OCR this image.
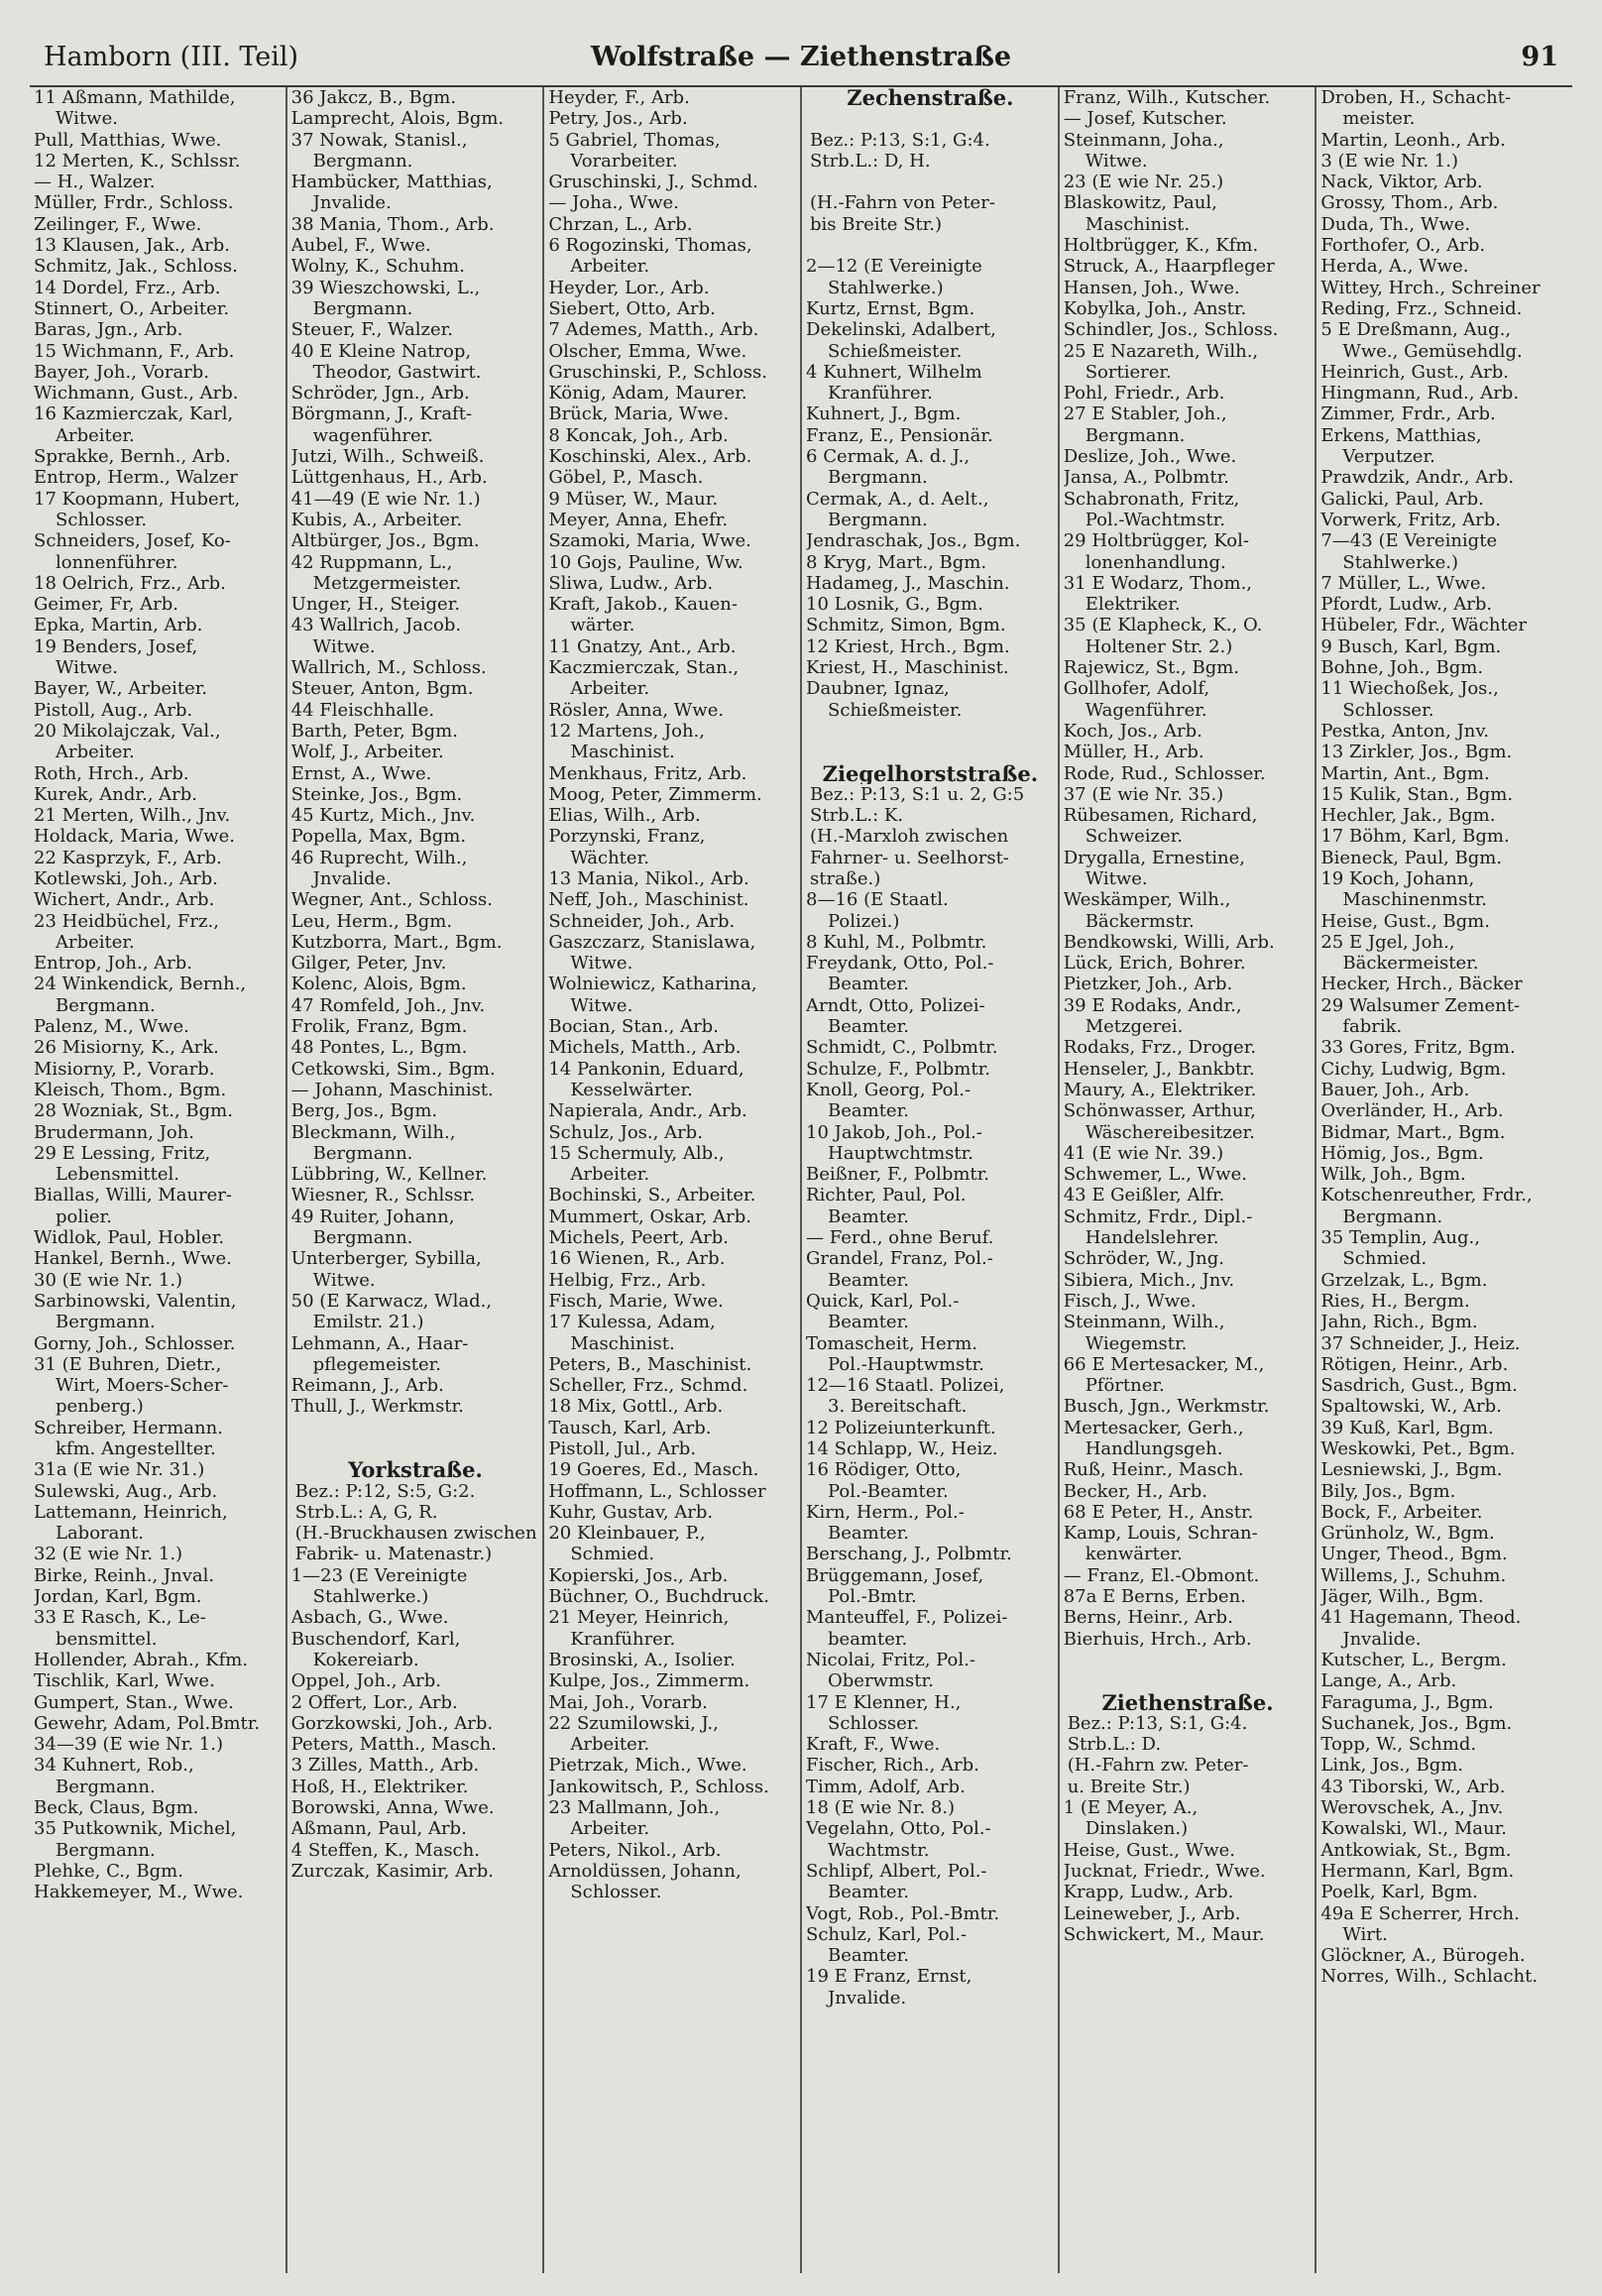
Hamborn (III. Teil)	Wolfstraße — Ziethenstraße	91
11 Aßmann, Mathilde,
Witwe.
Pull, Matthias, Wwe.
12 Merten, K., Schlssr.
— H., Walzer.
Müller, Frdr., Schloss.
Zeilinger, F., Wwe.
13 Klausen, Jak., Arb.
Schmitz, Jak., Schloss.
14 Dordel, Frz., Arb.
Stinnert, O., Arbeiter.
Baras, Jgn., Arb.
15 Wichmann, F., Arb.
Bayer, Joh., Vorarb.
Wichmann, Gust., Arb.
16 Kazmierczak, Karl,
Arbeiter.
Sprakke, Bernh., Arb.
Entrop, Herm., Walzer
17 Koopmann, Hubert,
Schlosser.
Schneiders, Josef, Ko-
lonnenführer.
18 Oelrich, Frz., Arb.
Geimer, Fr, Arb.
Epka, Martin, Arb.
19 Benders, Josef,
Witwe.
Bayer, W., Arbeiter.
Pistoll, Aug., Arb.
20 Mikolajczak, Val.,
Arbeiter.
Roth, Hrch., Arb.
Kurek, Andr., Arb.
21 Merten, Wilh., Jnv.
Holdack, Maria, Wwe.
22 Kasprzyk, F., Arb.
Kotlewski, Joh., Arb.
Wichert, Andr., Arb.
23 Heidbüchel, Frz.,
Arbeiter.
Entrop, Joh., Arb.
24 Winkendick, Bernh.,
Bergmann.
Palenz, M., Wwe.
26 Misiorny, K., Ark.
Misiorny, P., Vorarb.
Kleisch, Thom., Bgm.
28 Wozniak, St., Bgm.
Brudermann, Joh.
29 E Lessing, Fritz,
Lebensmittel.
Biallas, Willi, Maurer-
polier.
Widlok, Paul, Hobler.
Hankel, Bernh., Wwe.
30 (E wie Nr. 1.)
Sarbinowski, Valentin,
Bergmann.
Gorny, Joh., Schlosser.
31 (E Buhren, Dietr.,
Wirt, Moers-Scher-
penberg.)
Schreiber, Hermann.
kfm. Angestellter.
31a (E wie Nr. 31.)
Sulewski, Aug., Arb.
Lattemann, Heinrich,
Laborant.
32 (E wie Nr. 1.)
Birke, Reinh., Jnval.
Jordan, Karl, Bgm.
33 E Rasch, K., Le-
bensmittel.
Hollender, Abrah., Kfm.
Tischlik, Karl, Wwe.
Gumpert, Stan., Wwe.
Gewehr, Adam, Pol.Bmtr.
34—39 (E wie Nr. 1.)
34 Kuhnert, Rob.,
Bergmann.
Beck, Claus, Bgm.
35 Putkownik, Michel,
Bergmann.
Plehke, C., Bgm.
Hakkemeyer, M., Wwe.
36 Jakcz, B., Bgm.
Lamprecht, Alois, Bgm.
37 Nowak, Stanisl.,
Bergmann.
Hambücker, Matthias,
Jnvalide.
38 Mania, Thom., Arb.
Aubel, F., Wwe.
Wolny, K., Schuhm.
39 Wieszchowski, L.,
Bergmann.
Steuer, F., Walzer.
40 E Kleine Natrop,
Theodor, Gastwirt.
Schröder, Jgn., Arb.
Börgmann, J., Kraft-
wagenführer.
Jutzi, Wilh., Schweiß.
Lüttgenhaus, H., Arb.
41—49 (E wie Nr. 1.)
Kubis, A., Arbeiter.
Altbürger, Jos., Bgm.
42 Ruppmann, L.,
Metzgermeister.
Unger, H., Steiger.
43 Wallrich, Jacob.
Witwe.
Wallrich, M., Schloss.
Steuer, Anton, Bgm.
44 Fleischhalle.
Barth, Peter, Bgm.
Wolf, J., Arbeiter.
Ernst, A., Wwe.
Steinke, Jos., Bgm.
45 Kurtz, Mich., Jnv.
Popella, Max, Bgm.
46 Ruprecht, Wilh.,
Jnvalide.
Wegner, Ant., Schloss.
Leu, Herm., Bgm.
Kutzborra, Mart., Bgm.
Gilger, Peter, Jnv.
Kolenc, Alois, Bgm.
47 Romfeld, Joh., Jnv.
Frolik, Franz, Bgm.
48 Pontes, L., Bgm.
Cetkowski, Sim., Bgm.
— Johann, Maschinist.
Berg, Jos., Bgm.
Bleckmann, Wilh.,
Bergmann.
Lübbring, W., Kellner.
Wiesner, R., Schlssr.
49 Ruiter, Johann,
Bergmann.
Unterberger, Sybilla,
Witwe.
50 (E Karwacz, Wlad.,
Emilstr. 21.)
Lehmann, A., Haar-
pflegemeister.
Reimann, J., Arb.
Thull, J., Werkmstr.
Yorkstraße.
Bez.: P:12, S:5, G:2.
Strb.L.: A, G, R.
(H.-Bruckhausen zwischen
Fabrik- u. Matenastr.)
1—23 (E Vereinigte
Stahlwerke.)
Asbach, G., Wwe.
Buschendorf, Karl,
Kokereiarb.
Oppel, Joh., Arb.
2 Offert, Lor., Arb.
Gorzkowski, Joh., Arb.
Peters, Matth., Masch.
3 Zilles, Matth., Arb.
Hoß, H., Elektriker.
Borowski, Anna, Wwe.
Aßmann, Paul, Arb.
4 Steffen, K., Masch.
Zurczak, Kasimir, Arb.
Heyder, F., Arb.
Petry, Jos., Arb.
5 Gabriel, Thomas,
Vorarbeiter.
Gruschinski, J., Schmd.
— Joha., Wwe.
Chrzan, L., Arb.
6 Rogozinski, Thomas,
Arbeiter.
Heyder, Lor., Arb.
Siebert, Otto, Arb.
7 Ademes, Matth., Arb.
Olscher, Emma, Wwe.
Gruschinski, P., Schloss.
König, Adam, Maurer.
Brück, Maria, Wwe.
8 Koncak, Joh., Arb.
Koschinski, Alex., Arb.
Göbel, P., Masch.
9 Müser, W., Maur.
Meyer, Anna, Ehefr.
Szamoki, Maria, Wwe.
10 Gojs, Pauline, Ww.
Sliwa, Ludw., Arb.
Kraft, Jakob., Kauen-
wärter.
11 Gnatzy, Ant., Arb.
Kaczmierczak, Stan.,
Arbeiter.
Rösler, Anna, Wwe.
12 Martens, Joh.,
Maschinist.
Menkhaus, Fritz, Arb.
Moog, Peter, Zimmerm.
Elias, Wilh., Arb.
Porzynski, Franz,
Wächter.
13 Mania, Nikol., Arb.
Neff, Joh., Maschinist.
Schneider, Joh., Arb.
Gaszczarz, Stanislawa,
Witwe.
Wolniewicz, Katharina,
Witwe.
Bocian, Stan., Arb.
Michels, Matth., Arb.
14 Pankonin, Eduard,
Kesselwärter.
Napierala, Andr., Arb.
Schulz, Jos., Arb.
15 Schermuly, Alb.,
Arbeiter.
Bochinski, S., Arbeiter.
Mummert, Oskar, Arb.
Michels, Peert, Arb.
16 Wienen, R., Arb.
Helbig, Frz., Arb.
Fisch, Marie, Wwe.
17 Kulessa, Adam,
Maschinist.
Peters, B., Maschinist.
Scheller, Frz., Schmd.
18 Mix, Gottl., Arb.
Tausch, Karl, Arb.
Pistoll, Jul., Arb.
19 Goeres, Ed., Masch.
Hoffmann, L., Schlosser
Kuhr, Gustav, Arb.
20 Kleinbauer, P.,
Schmied.
Kopierski, Jos., Arb.
Büchner, O., Buchdruck.
21 Meyer, Heinrich,
Kranführer.
Brosinski, A., Isolier.
Kulpe, Jos., Zimmerm.
Mai, Joh., Vorarb.
22 Szumilowski, J.,
Arbeiter.
Pietrzak, Mich., Wwe.
Jankowitsch, P., Schloss.
23 Mallmann, Joh.,
Arbeiter.
Peters, Nikol., Arb.
Arnoldüssen, Johann,
Schlosser.
Zechenstraße.
Bez.: P:13, S:1, G:4.
Strb.L.: D, H.
(H.-Fahrn von Peter-
bis Breite Str.)
2—12 (E Vereinigte
Stahlwerke.)
Kurtz, Ernst, Bgm.
Dekelinski, Adalbert,
Schießmeister.
4 Kuhnert, Wilhelm
Kranführer.
Kuhnert, J., Bgm.
Franz, E., Pensionär.
6 Cermak, A. d. J.,
Bergmann.
Cermak, A., d. Aelt.,
Bergmann.
Jendraschak, Jos., Bgm.
8 Kryg, Mart., Bgm.
Hadameg, J., Maschin.
10 Losnik, G., Bgm.
Schmitz, Simon, Bgm.
12 Kriest, Hrch., Bgm.
Kriest, H., Maschinist.
Daubner, Ignaz,
Schießmeister.
Ziegelhorststraße.
Bez.: P:13, S:1 u. 2, G:5
Strb.L.: K.
(H.-Marxloh zwischen
Fahrner- u. Seelhorst-
straße.)
8—16 (E Staatl.
Polizei.)
8 Kuhl, M., Polbmtr.
Freydank, Otto, Pol.-
Beamter.
Arndt, Otto, Polizei-
Beamter.
Schmidt, C., Polbmtr.
Schulze, F., Polbmtr.
Knoll, Georg, Pol.-
Beamter.
10 Jakob, Joh., Pol.-
Hauptwchtmstr.
Beißner, F., Polbmtr.
Richter, Paul, Pol.
Beamter.
— Ferd., ohne Beruf.
Grandel, Franz, Pol.-
Beamter.
Quick, Karl, Pol.-
Beamter.
Tomascheit, Herm.
Pol.-Hauptwmstr.
12—16 Staatl. Polizei,
3. Bereitschaft.
12 Polizeiunterkunft.
14 Schlapp, W., Heiz.
16 Rödiger, Otto,
Pol.-Beamter.
Kirn, Herm., Pol.-
Beamter.
Berschang, J., Polbmtr.
Brüggemann, Josef,
Pol.-Bmtr.
Manteuffel, F., Polizei-
beamter.
Nicolai, Fritz, Pol.-
Oberwmstr.
17 E Klenner, H.,
Schlosser.
Kraft, F., Wwe.
Fischer, Rich., Arb.
Timm, Adolf, Arb.
18 (E wie Nr. 8.)
Vegelahn, Otto, Pol.-
Wachtmstr.
Schlipf, Albert, Pol.-
Beamter.
Vogt, Rob., Pol.-Bmtr.
Schulz, Karl, Pol.-
Beamter.
19 E Franz, Ernst,
Jnvalide.
Franz, Wilh., Kutscher.
— Josef, Kutscher.
Steinmann, Joha.,
Witwe.
23 (E wie Nr. 25.)
Blaskowitz, Paul,
Maschinist.
Holtbrügger, K., Kfm.
Struck, A., Haarpfleger
Hansen, Joh., Wwe.
Kobylka, Joh., Anstr.
Schindler, Jos., Schloss.
25 E Nazareth, Wilh.,
Sortierer.
Pohl, Friedr., Arb.
27 E Stabler, Joh.,
Bergmann.
Deslize, Joh., Wwe.
Jansa, A., Polbmtr.
Schabronath, Fritz,
Pol.-Wachtmstr.
29 Holtbrügger, Kol-
lonenhandlung.
31 E Wodarz, Thom.,
Elektriker.
35 (E Klapheck, K., O.
Holtener Str. 2.)
Rajewicz, St., Bgm.
Gollhofer, Adolf,
Wagenführer.
Koch, Jos., Arb.
Müller, H., Arb.
Rode, Rud., Schlosser.
37 (E wie Nr. 35.)
Rübesamen, Richard,
Schweizer.
Drygalla, Ernestine,
Witwe.
Weskämper, Wilh.,
Bäckermstr.
Bendkowski, Willi, Arb.
Lück, Erich, Bohrer.
Pietzker, Joh., Arb.
39 E Rodaks, Andr.,
Metzgerei.
Rodaks, Frz., Droger.
Henseler, J., Bankbtr.
Maury, A., Elektriker.
Schönwasser, Arthur,
Wäschereibesitzer.
41 (E wie Nr. 39.)
Schwemer, L., Wwe.
43 E Geißler, Alfr.
Schmitz, Frdr., Dipl.-
Handelslehrer.
Schröder, W., Jng.
Sibiera, Mich., Jnv.
Fisch, J., Wwe.
Steinmann, Wilh.,
Wiegemstr.
66 E Mertesacker, M.,
Pförtner.
Busch, Jgn., Werkmstr.
Mertesacker, Gerh.,
Handlungsgeh.
Ruß, Heinr., Masch.
Becker, H., Arb.
68 E Peter, H., Anstr.
Kamp, Louis, Schran-
kenwärter.
— Franz, El.-Obmont.
87a E Berns, Erben.
Berns, Heinr., Arb.
Bierhuis, Hrch., Arb.
Ziethenstraße.
Bez.: P:13, S:1, G:4.
Strb.L.: D.
(H.-Fahrn zw. Peter-
u. Breite Str.)
1 (E Meyer, A.,
Dinslaken.)
Heise, Gust., Wwe.
Jucknat, Friedr., Wwe.
Krapp, Ludw., Arb.
Leineweber, J., Arb.
Schwickert, M., Maur.
Droben, H., Schacht-
meister.
Martin, Leonh., Arb.
3 (E wie Nr. 1.)
Nack, Viktor, Arb.
Grossy, Thom., Arb.
Duda, Th., Wwe.
Forthofer, O., Arb.
Herda, A., Wwe.
Wittey, Hrch., Schreiner
Reding, Frz., Schneid.
5 E Dreßmann, Aug.,
Wwe., Gemüsehdlg.
Heinrich, Gust., Arb.
Hingmann, Rud., Arb.
Zimmer, Frdr., Arb.
Erkens, Matthias,
Verputzer.
Prawdzik, Andr., Arb.
Galicki, Paul, Arb.
Vorwerk, Fritz, Arb.
7—43 (E Vereinigte
Stahlwerke.)
7 Müller, L., Wwe.
Pfordt, Ludw., Arb.
Hübeler, Fdr., Wächter
9 Busch, Karl, Bgm.
Bohne, Joh., Bgm.
11 Wiechoßek, Jos.,
Schlosser.
Pestka, Anton, Jnv.
13 Zirkler, Jos., Bgm.
Martin, Ant., Bgm.
15 Kulik, Stan., Bgm.
Hechler, Jak., Bgm.
17 Böhm, Karl, Bgm.
Bieneck, Paul, Bgm.
19 Koch, Johann,
Maschinenmstr.
Heise, Gust., Bgm.
25 E Jgel, Joh.,
Bäckermeister.
Hecker, Hrch., Bäcker
29 Walsumer Zement-
fabrik.
33 Gores, Fritz, Bgm.
Cichy, Ludwig, Bgm.
Bauer, Joh., Arb.
Overländer, H., Arb.
Bidmar, Mart., Bgm.
Hömig, Jos., Bgm.
Wilk, Joh., Bgm.
Kotschenreuther, Frdr.,
Bergmann.
35 Templin, Aug.,
Schmied.
Grzelzak, L., Bgm.
Ries, H., Bergm.
Jahn, Rich., Bgm.
37 Schneider, J., Heiz.
Rötigen, Heinr., Arb.
Sasdrich, Gust., Bgm.
Spaltowski, W., Arb.
39 Kuß, Karl, Bgm.
Weskowki, Pet., Bgm.
Lesniewski, J., Bgm.
Bily, Jos., Bgm.
Bock, F., Arbeiter.
Grünholz, W., Bgm.
Unger, Theod., Bgm.
Willems, J., Schuhm.
Jäger, Wilh., Bgm.
41 Hagemann, Theod.
Jnvalide.
Kutscher, L., Bergm.
Lange, A., Arb.
Faraguma, J., Bgm.
Suchanek, Jos., Bgm.
Topp, W., Schmd.
Link, Jos., Bgm.
43 Tiborski, W., Arb.
Werovschek, A., Jnv.
Kowalski, Wl., Maur.
Antkowiak, St., Bgm.
Hermann, Karl, Bgm.
Poelk, Karl, Bgm.
49a E Scherrer, Hrch.
Wirt.
Glöckner, A., Bürogeh.
Norres, Wilh., Schlacht.
